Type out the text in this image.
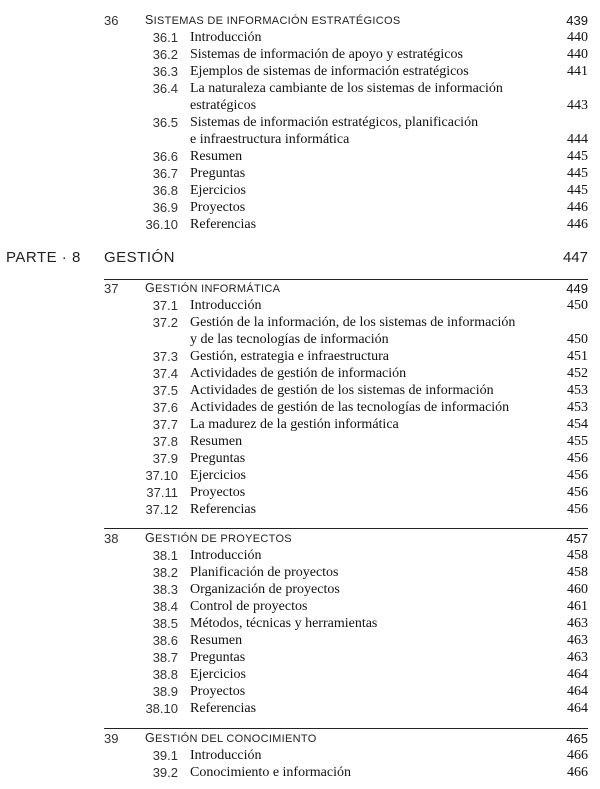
36	SISTEMAS DE INFORMACIÓN ESTRATÉGICOS	439
36.1 Introducción	440
36.2 Sistemas de información de apoyo y estratégicos	440
36.3 Ejemplos de sistemas de información estratégicos	441
36.4 La naturaleza cambiante de los sistemas de información
estratégicos	443
36.5 Sistemas de información estratégicos, planificación
e infraestructura informática	444
36.6 Resumen	445
36.7 Preguntas	445
36.8 Ejercicios	445
36.9 Proyectos	446
36.10 Referencias	446
PARTE · 8 GESTIÓN	447
37	GESTIÓN INFORMÁTICA	449
37.1 Introducción	450
37.2 Gestión de la información, de los sistemas de información
y de las tecnologías de información	450
37.3 Gestión, estrategia e infraestructura	451
37.4 Actividades de gestión de información	452
37.5 Actividades de gestión de los sistemas de información	453
37.6 Actividades de gestión de las tecnologías de información	453
37.7 La madurez de la gestión informática	454
37.8 Resumen	455
37.9 Preguntas	456
37.10 Ejercicios	456
37.11 Proyectos	456
37.12 Referencias	456
38	GESTIÓN DE PROYECTOS	457
38.1 Introducción	458
38.2 Planificación de proyectos	458
38.3 Organización de proyectos	460
38.4 Control de proyectos	461
38.5 Métodos, técnicas y herramientas	463
38.6 Resumen	463
38.7 Preguntas	463
38.8 Ejercicios	464
38.9 Proyectos	464
38.10 Referencias	464
39	GESTIÓN DEL CONOCIMIENTO	465
39.1 Introducción	466
39.2 Conocimiento e información	466
